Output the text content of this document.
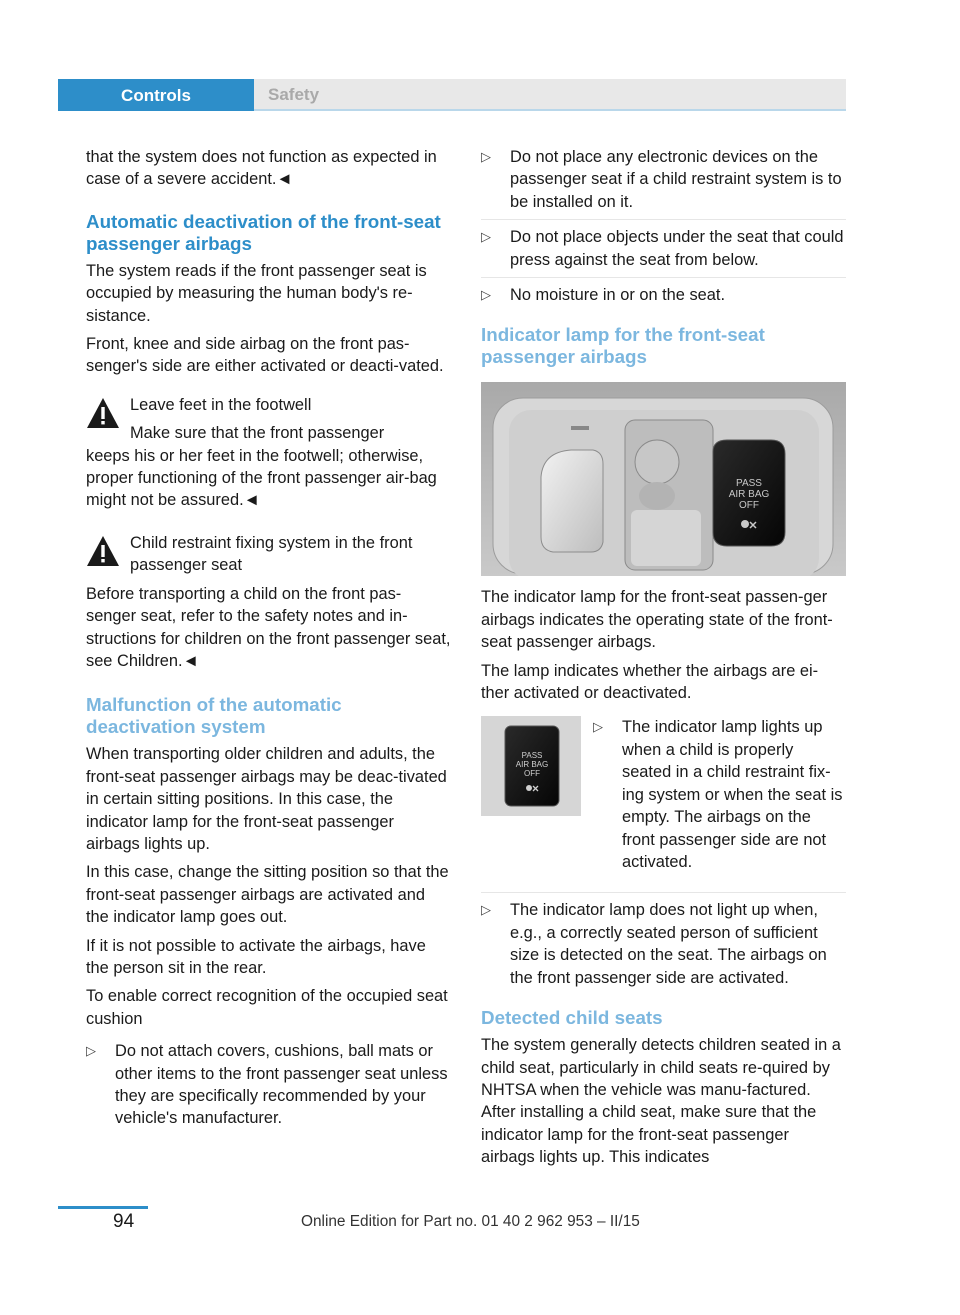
Controls	Safety

that the system does not function as expected in case of a severe accident.◄

Automatic deactivation of the front-seat passenger airbags

The system reads if the front passenger seat is occupied by measuring the human body's re-sistance.

Front, knee and side airbag on the front pas-senger's side are either activated or deacti-vated.

Leave feet in the footwell
Make sure that the front passenger
keeps his or her feet in the footwell; otherwise, proper functioning of the front passenger air-bag might not be assured.◄
Child restraint fixing system in the front passenger seat
Before transporting a child on the front pas-senger seat, refer to the safety notes and in-structions for children on the front passenger seat, see Children.◄
Malfunction of the automatic deactivation system

When transporting older children and adults, the front-seat passenger airbags may be deac-tivated in certain sitting positions. In this case, the indicator lamp for the front-seat passenger airbags lights up.

In this case, change the sitting position so that the front-seat passenger airbags are activated and the indicator lamp goes out.

If it is not possible to activate the airbags, have the person sit in the rear.

To enable correct recognition of the occupied seat cushion

▷ Do not attach covers, cushions, ball mats or other items to the front passenger seat unless they are specifically recommended by your vehicle's manufacturer.
▷ Do not place any electronic devices on the passenger seat if a child restraint system is to be installed on it.
▷ Do not place objects under the seat that could press against the seat from below.
▷ No moisture in or on the seat.
Indicator lamp for the front-seat passenger airbags
PASS
AIR BAG
OFF

The indicator lamp for the front-seat passen-ger airbags indicates the operating state of the front-seat passenger airbags.

The lamp indicates whether the airbags are ei-ther activated or deactivated.

PASS
AIR BAG
OFF
▷	The indicator lamp lights up when a child is properly seated in a child restraint fix-ing system or when the seat is empty. The airbags on the front passenger side are not activated.
▷ The indicator lamp does not light up when, e.g., a correctly seated person of sufficient size is detected on the seat. The airbags on the front passenger side are activated.
Detected child seats

The system generally detects children seated in a child seat, particularly in child seats re-quired by NHTSA when the vehicle was manu-factured. After installing a child seat, make sure that the indicator lamp for the front-seat passenger airbags lights up. This indicates

94	Online Edition for Part no. 01 40 2 962 953 – II/15
